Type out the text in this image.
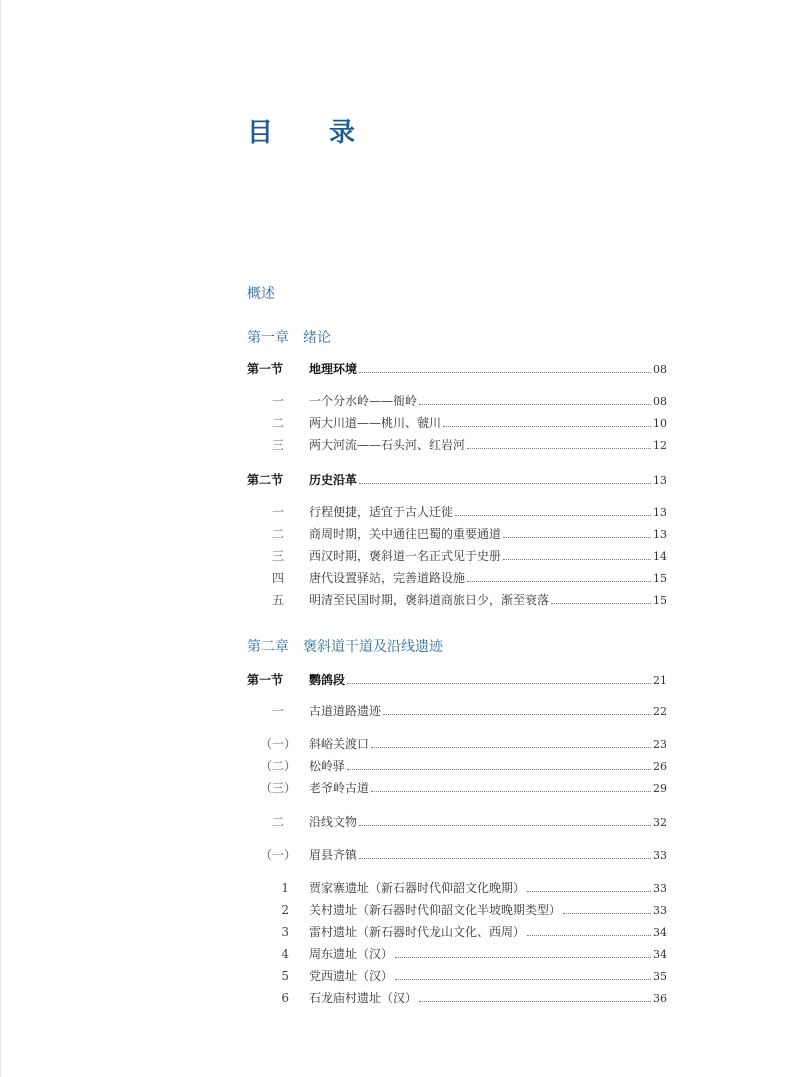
目 录
概述
第一章 绪论
第一节	地理环境	08
一	一个分水岭——衙岭	08
二	两大川道——桃川、虢川	10
三	两大河流——石头河、红岩河	12
第二节	历史沿革	13
一	行程便捷，适宜于古人迁徙	13
二	商周时期，关中通往巴蜀的重要通道	13
三	西汉时期，褒斜道一名正式见于史册	14
四	唐代设置驿站，完善道路设施	15
五	明清至民国时期，褒斜道商旅日少，渐至衰落	15
第二章 褒斜道干道及沿线遗迹
第一节	鹦鸽段	21
一	古道道路遗迹	22
（一）	斜峪关渡口	23
（二）	松岭驿	26
（三）	老爷岭古道	29
二	沿线文物	32
（一）	眉县齐镇	33
1	贾家寨遗址（新石器时代仰韶文化晚期）	33
2	关村遗址（新石器时代仰韶文化半坡晚期类型）	33
3	雷村遗址（新石器时代龙山文化、西周）	34
4	周东遗址（汉）	34
5	党西遗址（汉）	35
6	石龙庙村遗址（汉）	36
